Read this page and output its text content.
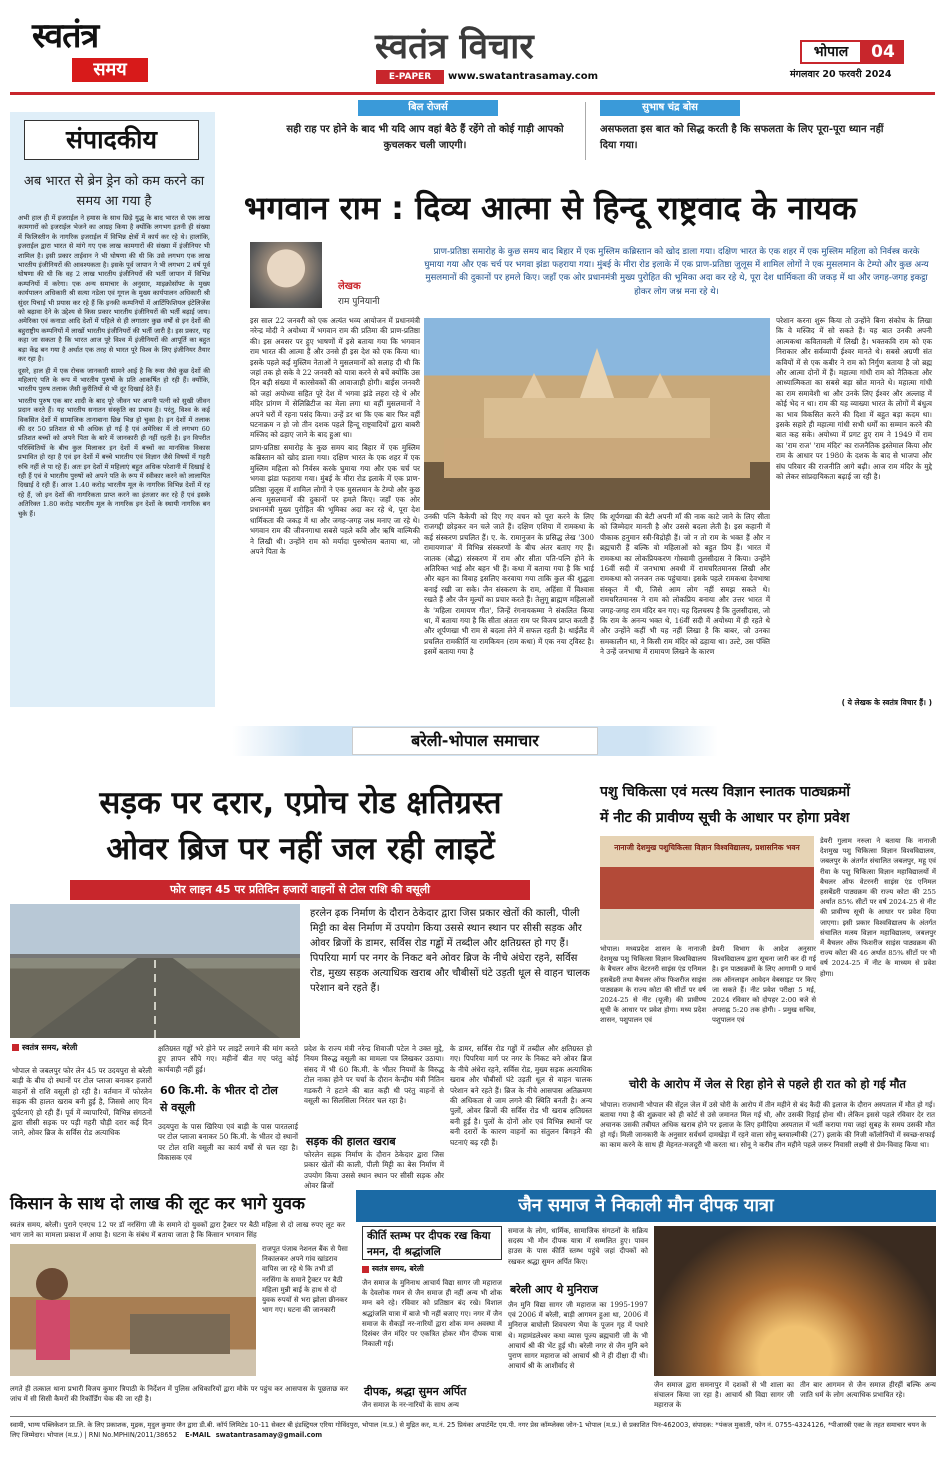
स्वतंत्र
समय
स्वतंत्र विचार
E-PAPER	www.swatantrasamay.com
भोपाल	04
मंगलवार 20 फरवरी 2024
संपादकीय
अब भारत से ब्रेन ड्रेन को कम करने का समय आ गया है

अभी हाल ही में इजराईल ने हमास के साथ छिड़े युद्ध के बाद भारत से एक लाख कामगारों को इजराईल भेजने का आग्रह किया है क्योंकि लगभग इतनी ही संख्या में फिलिस्तीन के नागरिक इजराईल में विभिन्न क्षेत्रों में कार्य कर रहे थे। हालांकि, इजराईल द्वारा भारत से मांगे गए एक लाख कामगारों की संख्या में इंजीनियर भी शामिल है। इसी प्रकार ताईवान ने भी घोषणा की थी कि उसे लगभग एक लाख भारतीय इंजीनियरों की आवश्यकता है। इसके पूर्व जापान ने भी लगभग 2 वर्ष पूर्व घोषणा की थी कि वह 2 लाख भारतीय इंजीनियरों की भर्ती जापान में विभिन्न कम्पनियों में करेगा। एक अन्य समाचार के अनुसार, माइक्रोसॉफ्ट के मुख्य कार्यपालन अधिकारी श्री सत्या नडेला एवं गूगल के मुख्य कार्यपालन अधिकारी श्री सुंदर पिचाई भी प्रयास कर रहे हैं कि इनकी कम्पनियों में आर्टिफिशियल इंटेलिजेंस को बढ़ावा देने के उद्देश्य से किस प्रकार भारतीय इंजीनियरों की भर्ती बढ़ाई जाय। अमेरिका एवं कनाडा आदि देशों में पहिले से ही लगातार कुछ वर्षों से इन देशों की बहुराष्ट्रीय कम्पनियों में लाखों भारतीय इंजीनियरों की भर्ती जारी है। इस प्रकार, यह कहा जा सकता है कि भारत आज पूरे विश्व में इंजीनियरों की आपूर्ति का बहुत बड़ा केंद्र बन गया है अर्थात एक तरह से भारत पूरे विश्व के लिए इंजीनियर तैयार कर रहा है।

दूसरे, हाल ही में एक रोचक जानकारी सामने आई है कि रूस जैसे कुछ देशों की महिलाएं पति के रूप में भारतीय पुरुषों के प्रति आकर्षित हो रही हैं। क्योंकि, भारतीय पुरुष तलाक जैसी कुरीतियों से भी दूर दिखाई देते हैं।

भारतीय पुरुष एक बार शादी के बाद पूरे जीवन भर अपनी पत्नी को सुखी जीवन प्रदान करते हैं। यह भारतीय सनातन संस्कृति का प्रभाव है। परंतु, विश्व के कई विकसित देशों में सामाजिक तानाबाना छिन्न भिन्न हो चुका है। इन देशों में तलाक की दर 50 प्रतिशत से भी अधिक हो गई है एवं अमेरिका में तो लगभग 60 प्रतिशत बच्चों को अपने पिता के बारे में जानकारी ही नहीं रहती है। इन विपरीत परिस्थितियों के बीच कुल मिलाकर इन देशों में बच्चों का मानसिक विकास प्रभावित हो रहा है एवं इन देशों में बच्चे भारतीय एवं विज्ञान जैसे विषयों में गहरी रुचि नहीं ले पा रहे हैं। अतः इन देशों में महिलाएं बहुत अधिक परेशानी में दिखाई दे रही हैं एवं वे भारतीय पुरुषों को अपने पति के रूप में स्वीकार करने को लालायित दिखाई दे रही हैं। आज 1.40 करोड़ भारतीय मूल के नागरिक विभिन्न देशों में रह रहे हैं, जो इन देशों की नागरिकता प्राप्त करने का इंतजार कर रहे हैं एवं इसके अतिरिक्त 1.80 करोड़ भारतीय मूल के नागरिक इन देशों के स्थायी नागरिक बन चुके हैं।

बिल रोजर्स
सही राह पर होने के बाद भी यदि आप वहां बैठे हैं रहेंगे तो कोई गाड़ी आपको कुचलकर चली जाएगी।
सुभाष चंद्र बोस
असफलता इस बात को सिद्ध करती है कि सफलता के लिए पूरा-पूरा ध्यान नहीं दिया गया।
भगवान राम : दिव्य आत्मा से हिन्दू राष्ट्रवाद के नायक
लेखक
राम पुनियानी
प्राण-प्रतिष्ठा समारोह के कुछ समय बाद बिहार में एक मुस्लिम कब्रिस्तान को खोद डाला गया। दक्षिण भारत के एक शहर में एक मुस्लिम महिला को निर्वस्त्र करके घुमाया गया और एक चर्च पर भगवा झंडा फहराया गया। मुंबई के मीरा रोड इलाके में एक प्राण-प्रतिष्ठा जुलूस में शामिल लोगों ने एक मुसलमान के टेम्पो और कुछ अन्य मुसलमानों की दुकानों पर हमले किए। जहाँ एक ओर प्रधानमंत्री मुख्य पुरोहित की भूमिका अदा कर रहे थे, पूरा देश धार्मिकता की जकड़ में था और जगह-जगह इकट्ठा होकर लोग जश्न मना रहे थे।

इस साल 22 जनवरी को एक अत्यंत भव्य आयोजन में प्रधानमंत्री नरेन्द्र मोदी ने अयोध्या में भगवान राम की प्रतिमा की प्राण-प्रतिष्ठा की। इस अवसर पर हुए भाषणों में इसे बताया गया कि भगवान राम भारत की आत्मा हैं और उनसे ही इस देश को एक किया था। इसके पहले कई मुस्लिम नेताओं ने मुसलमानों को सलाह दी थी कि जहां तक हो सके वे 22 जनवरी को यात्रा करने से बचें क्योंकि उस दिन बड़ी संख्या में कारसेवकों की आवाजाही होगी। बाईस जनवरी को जहां अयोध्या सहित पूरे देश में भगवा झंडे लहरा रहे थे और मंदिर प्रांगण में सेलिब्रिटीज का मेला लगा था वहीं मुसलमानों ने अपने घरों में रहना पसंद किया। उन्हें डर था कि एक बार फिर वहीं घटनाक्रम न हो जो तीन दशक पहले हिन्दू राष्ट्रवादियों द्वारा बाबरी मस्जिद को ढहाए जाने के बाद हुआ था।

प्राण-प्रतिष्ठा समारोह के कुछ समय बाद बिहार में एक मुस्लिम कब्रिस्तान को खोद डाला गया। दक्षिण भारत के एक शहर में एक मुस्लिम महिला को निर्वस्त्र करके घुमाया गया और एक चर्च पर भगवा झंडा फहराया गया। मुंबई के मीरा रोड इलाके में एक प्राण-प्रतिष्ठा जुलूस में शामिल लोगों ने एक मुसलमान के टेम्पो और कुछ अन्य मुसलमानों की दुकानों पर हमले किए। जहाँ एक ओर प्रधानमंत्री मुख्य पुरोहित की भूमिका अदा कर रहे थे, पूरा देश धार्मिकता की जकड़ में था और जगह-जगह जश्न मनाए जा रहे थे। भगवान राम की जीवनगाथा सबसे पहले कवि और ऋषि वाल्मिकी ने लिखी थी। उन्होंने राम को मर्यादा पुरुषोत्तम बताया था, जो अपने पिता के

उनकी पत्नि कैकेयी को दिए गए वचन को पूरा करने के लिए राजगद्दी छोड़कर वन चले जाते हैं। दक्षिण एशिया में रामकथा के कई संस्करण प्रचलित हैं। ए. के. रामानुजन के प्रसिद्ध लेख '300 रामायणाज' में विभिन्न संस्करणों के बीच अंतर बताए गए हैं। जातक (बौद्ध) संस्करण में राम और सीता पति-पत्नि होने के अतिरिक्त भाई और बहन भी हैं। कथा में बताया गया है कि भाई और बहन का विवाह इसलिए करवाया गया ताकि कुल की शुद्धता बनाई रखी जा सके। जैन संस्करण के राम, अहिंसा में विश्वास रखते हैं और जैन मूल्यों का प्रचार करते हैं। तेलुगू ब्राह्मण महिलाओं के 'महिला रामायण गीत', जिन्हें रंगनायकम्मा ने संकलित किया था, में बताया गया है कि सीता अंततः राम पर विजय प्राप्त करती हैं और शूर्पणखा भी राम से बदला लेने में सफल रहती है। थाईलैंड में प्रचलित रामकीर्ति या रामकियन (राम कथा) में एक नया ट्विस्ट है। इसमें बताया गया है
कि शूर्पणखा की बेटी अपनी माँ की नाक काटे जाने के लिए सीता को जिम्मेदार मानती है और उससे बदला लेती है। इस कहानी में पीकाक हनुमान स्त्री-विद्रोही हैं। जो न तो राम के भक्त हैं और न ब्रह्मचारी हैं बल्कि वो महिलाओं को बहुत प्रिय हैं। भारत में रामकथा का लोकप्रियकरण गोस्वामी तुलसीदास ने किया। उन्होंने 16वीं सदी में जनभाषा अवधी में रामचरितमानस लिखी और रामकथा को जनजन तक पहुंचाया। इसके पहले रामकथा देवभाषा संस्कृत में थी, जिसे आम लोग नहीं समझ सकते थे। रामचरितमानस ने राम को लोकप्रिय बनाया और उत्तर भारत में जगह-जगह राम मंदिर बन गए। यह दिलचस्प है कि तुलसीदास, जो कि राम के अनन्य भक्त थे, 16वीं सदी में अयोध्या में ही रहते थे और उन्होंने कहीं भी यह नहीं लिखा है कि बाबर, जो उनका समकालीन था, ने किसी राम मंदिर को ढहाया था। उल्टे, उस पंक्ति ने उन्हें जनभाषा में रामायण लिखने के कारण
परेशान करना शुरू किया तो उन्होंने बिना संकोच के लिखा कि वे मस्जिद में सो सकते हैं। यह बात उनकी अपनी आत्मकथा कवितावली में लिखी है। भक्तकवि राम को एक निराकार और सर्वव्यापी ईश्वर मानते थे। सबसे अग्रणी संत कवियों में से एक कबीर ने राम को निर्गुण बताया है जो ब्रह्म और आत्मा दोनों में हैं। महात्मा गांधी राम को नैतिकता और आध्यात्मिकता का सबसे बड़ा स्रोत मानते थे। महात्मा गांधी का राम समावेशी था और उनके लिए ईश्वर और अल्लाह में कोई भेद न था। राम की यह व्याख्या भारत के लोगों में बंधुत्व का भाव विकसित करने की दिशा में बहुत बड़ा कदम था। इसके सहारे ही महात्मा गांधी सभी धर्मों का सम्मान करने की बात कह सके। अयोध्या में प्रगट हुए राम ने 1949 में राम का 'राम राज' 'राम मंदिर' का राजनैतिक इस्तेमाल किया और राम के आधार पर 1980 के दशक के बाद से भाजपा और संघ परिवार की राजनीति आगे बढ़ी। आज राम मंदिर के मुद्दे को लेकर सांप्रदायिकता बढ़ाई जा रही है।
( ये लेखक के स्वतंत्र विचार हैं। )
बरेली-भोपाल समाचार
सड़क पर दरार, एप्रोच रोड क्षतिग्रस्त
ओवर ब्रिज पर नहीं जल रही लाइटें
फोर लाइन 45 पर प्रतिदिन हजारों वाहनों से टोल राशि की वसूली
हरलेन ढ़क निर्माण के दौरान ठेकेदार द्वारा जिस प्रकार खेतों की काली, पीली मिट्टी का बेस निर्माण में उपयोग किया उससे स्थान स्थान पर सीसी सड़क और ओवर ब्रिजों के डामर, सर्विस रोड गड्ढों में तब्दील और क्षतिग्रस्त हो गए हैं। पिपरिया मार्ग पर नगर के निकट बने ओवर ब्रिज के नीचे अंधेरा रहने, सर्विस रोड, मुख्य सड़क अत्याधिक खराब और चौबीसों घंटे उड़ती धूल से वाहन चालक परेशान बने रहते हैं।
स्वतंत्र समय, बरेली
भोपाल से जबलपुर फोर लेन 45 पर उदयपुरा से बरेली बाड़ी के बीच दो स्थानों पर टोल प्लाजा बनाकर हजारों वाहनों से राशि वसूली हो रही है। वर्तमान में फोरलेन सड़क की हालत खराब बनी हुई है, जिससे आए दिन दुर्घटनाएं हो रही हैं। पूर्व में व्यापारियों, विभिन्न संगठनों द्वारा सीसी सड़क पर पड़ी गहरी चौड़ी दरार कई दिन जाने, ओवर ब्रिज के सर्विस रोड अत्याधिक
क्षतिग्रस्त गड्ढों भरे होने पर लाइटें लगाने की मांग करते हुए ज्ञापन सौंपे गए। महीनों बीत गए परंतु कोई कार्यवाही नहीं हुई।
60 कि.मी. के भीतर दो टोल से वसूली
उदयपुरा के पास खिरिया एवं बाड़ी के पास पारतलाई पर टोल प्लाजा बनाकर 50 कि.मी. के भीतर दो स्थानों पर टोल राशि वसूली का कार्य वर्षों से चल रहा है। विकासक एवं
प्रदेश के राज्य मंत्री नरेन्द्र शिवाजी पटेल ने उक्त मुद्दे, नियम विरुद्ध वसूली का मामला पत्र लिखकर उठाया। संसद में भी 60 कि.मी. के भीतर नियमों के विरुद्ध टोल नाका होने पर चर्चा के दौरान केन्द्रीय मंत्री नितिन गडकरी ने हटाने की बात कही थी परंतु वाहनों से वसूली का सिलसिला निरंतर चल रहा है।
सड़क की हालत खराब
फोरलेन सड़क निर्माण के दौरान ठेकेदार द्वारा जिस प्रकार खेतों की काली, पीली मिट्टी का बेस निर्माण में उपयोग किया उससे स्थान स्थान पर सीसी सड़क और ओवर ब्रिजों
के डामर, सर्विस रोड गड्ढों में तब्दील और क्षतिग्रस्त हो गए। पिपरिया मार्ग पर नगर के निकट बने ओवर ब्रिज के नीचे अंधेरा रहने, सर्विस रोड, मुख्य सड़क अत्याधिक खराब और चौबीसों घंटे उड़ती धूल से वाहन चालक परेशान बने रहते हैं। ब्रिज के नीचे आसपास अतिक्रमण की अधिकता से जाम लगने की स्थिति बनती है। अन्य पुलों, ओवर ब्रिजों की सर्विस रोड भी खराब क्षतिग्रस्त बनी हुई है। पुलों के दोनों ओर एवं विभिन्न स्थानों पर बनी दरारों के कारण वाहनों का संतुलन बिगड़ने की घटनाएं बढ़ रही हैं।
पशु चिकित्सा एवं मत्स्य विज्ञान स्नातक पाठ्यक्रमों
में नीट की प्रावीण्य सूची के आधार पर होगा प्रवेश
नानाजी देशमुख पशुचिकित्सा विज्ञान विश्वविद्यालय, प्रशासनिक भवन
डेयरी गुलाम नरुला ने बताया कि नानाजी देशमुख पशु चिकित्सा विज्ञान विश्वविद्यालय, जबलपुर के अंतर्गत संचालित जबलपुर, महू एवं रीवा के पशु चिकित्सा विज्ञान महाविद्यालयों में बैचलर ऑफ वेटरनरी साइंस एंड एनिमल हसबेंडरी पाठ्यक्रम की राज्य कोटा की 255 अर्थात 85% सीटों पर वर्ष 2024-25 से नीट की प्रावीण्य सूची के आधार पर प्रवेश दिया जाएगा। इसी प्रकार विश्वविद्यालय के अंतर्गत संचालित मत्स्य विज्ञान महाविद्यालय, जबलपुर में बैचलर ऑफ फिशरीज साइंस पाठ्यक्रम की राज्य कोटा की 46 अर्थात 85% सीटों पर भी वर्ष 2024-25 में नीट के माध्यम से प्रवेश होगा।
भोपाल। मध्यप्रदेश शासन के नानाजी देशमुख पशु चिकित्सा विज्ञान विश्वविद्यालय के बैचलर ऑफ वेटरनरी साइंस एंड एनिमल हसबेंडरी तथा बैचलर ऑफ फिशरीज साइंस पाठ्यक्रम के राज्य कोटा की सीटों पर वर्ष 2024-25 से नीट (यूजी) की प्रावीण्य सूची के आधार पर प्रवेश होगा। मध्य प्रदेश शासन, पशुपालन एवं
डेयरी विभाग के आदेश अनुसार विश्वविद्यालय द्वारा सूचना जारी कर दी गई है। इन पाठ्यक्रमों के लिए आगामी 9 मार्च तक ऑनलाइन आवेदन वेबसाइट पर किए जा सकते हैं। नीट प्रवेश परीक्षा 5 मई, 2024 रविवार को दोपहर 2:00 बजे से अपराह्न 5:20 तक होगी। - प्रमुख सचिव, पशुपालन एवं
चोरी के आरोप में जेल से रिहा होने से पहले ही रात को हो गई मौत
भोपाल। राजधानी भोपाल की सेंट्रल जेल में उसे चोरी के आरोप में तीन महीने से बंद कैदी की इलाज के दौरान अस्पताल में मौत हो गई। बताया गया है की शुक्रवार को ही कोर्ट से उसे जमानत मिल गई थी, और उसकी रिहाई होना थी। लेकिन इससे पहले रविवार देर रात अचानक उसकी तबीयत अधिक खराब होने पर इलाज के लिए हमीदिया अस्पताल में भर्ती कराया गया जहां सुबह के समय उसकी मौत हो गई। मिली जानकारी के अनुसार सर्वधर्म दामखेड़ा में रहने वाला सोनू ब्लवाल्मीकी (27) इलाके की निजी कॉलोनियों में स्वच्छ-सफाई का काम करने के साथ ही मेहनत-मजदूरी भी करता था। सोनू ने करीब तीन महीने पहले जरूर निवासी लक्ष्मी से प्रेम-विवाह किया था।
किसान के साथ दो लाख की लूट कर भागे युवक
स्वतंत्र समय, बरेली। पुराने एनएच 12 पर डॉ नरसिंगा जी के समाने दो युवकों द्वारा ट्रैक्टर पर बैठी महिला से दो लाख रुपए लूट कर भाग जाने का मामला प्रकाश में आया है। घटना के संबंध में बताया जाता है कि किसान भगवान सिंह
राजपूत पंजाब नेशनल बैंक से पैसा निकालकर अपने गांव खांडराव वापिस जा रहे थे कि तभी डॉ नरसिंगा के समाने ट्रैक्टर पर बैठी महिला मुन्नी बाई के हाथ से दो युवक रुपयों से भरा झोला छीनकर भाग गए। घटना की जानकारी
लगते ही तत्काल थाना प्रभारी विजय कुमार त्रिपाठी के निर्देशन में पुलिस अधिकारियों द्वारा मौके पर पहुंच कर आसपास के पूछताछ कर जांच में सी सिसी कैमरों की रिकॉर्डिंग चेक की जा रही है।
जैन समाज ने निकाली मौन दीपक यात्रा
कीर्ति स्तम्भ पर दीपक रख किया नमन, दी श्रद्धांजलि
स्वतंत्र समय, बरेली
जैन समाज के मुनिनाथ आचार्य विद्या सागर जी महाराज के देवलोक गमन से जैन समाज ही नहीं अन्य भी शोक मग्न बने रहे। रविवार को प्रतिष्ठान बंद रखे। विशाल श्रद्धांजलि यात्रा में बाजे भी नहीं बजाए गए। नगर में जैन समाज के सैकड़ों नर-नारियों द्वारा शोक मग्न अवस्था में दिसंबर जैन मंदिर पर एकत्रित होकर मौन दीपक यात्रा निकाली गई।
दीपक, श्रद्धा सुमन अर्पित
जैन समाज के नर-नारियों के साथ अन्य
समाज के लोग, धार्मिक, सामाजिक संगठनों के सक्रिय सदस्य भी मौन दीपक यात्रा में सम्मलित हुए। पावन हाउस के पास कीर्ति स्तम्भ पहुंचे जहां दीपकों को रखकर श्रद्धा सुमन अर्पित किए।
बरेली आए थे मुनिराज
जैन मुनि विद्या सागर जी महाराज का 1995-1997 एवं 2006 में बरेली, बाड़ी आगमन हुआ था, 2006 में मुनिराज बाघोली शिवचरण भैया के पूजन गृह में पधारे थे। महामंडलेश्वर कथा व्यास पूज्य ब्रह्मचारी जी के भी आचार्य श्री की भेंट हुई थी। बरेली नगर से जैन मुनि बने पुराण सागर महाराज को आचार्य श्री ने ही दीक्षा दी थी। आचार्य श्री के आशीर्वाद से
जैन समाज द्वारा समनापुर में दशकों से भी शाला का संचालन किया जा रहा है। आचार्य श्री विद्या सागर जी महाराज के
तीन बार आगमन से जैन समाज हीरहीं बल्कि अन्य जाति धर्म के लोग अत्याधिक प्रभावित रहे।
स्वामी, भाग्य पब्लिकेशन प्रा.लि. के लिए प्रकाशक, मुद्रक, मृदुल कुमार जैन द्वारा डी.बी. कॉर्प लिमिटेड 10-11 सेक्टर बी इंडस्ट्रियल एरिया गोविंदपुरा, भोपाल (म.प्र.) से मुद्रित कर, म.नं. 25 प्रियंका अपार्टमेंट एम.पी. नगर प्रेस कॉम्प्लेक्स जोन-1 भोपाल (म.प्र.) से प्रकाशित पिन-462003, संपादक: *पंकज मुकाती, फोन नं. 0755-4324126, *पीआरबी एक्ट के तहत समाचार चयन के लिए जिम्मेदार। भोपाल (म.प्र.) | RNI No.MPHIN/2011/38652 E-MAIL swatantrasamay@gmail.com
